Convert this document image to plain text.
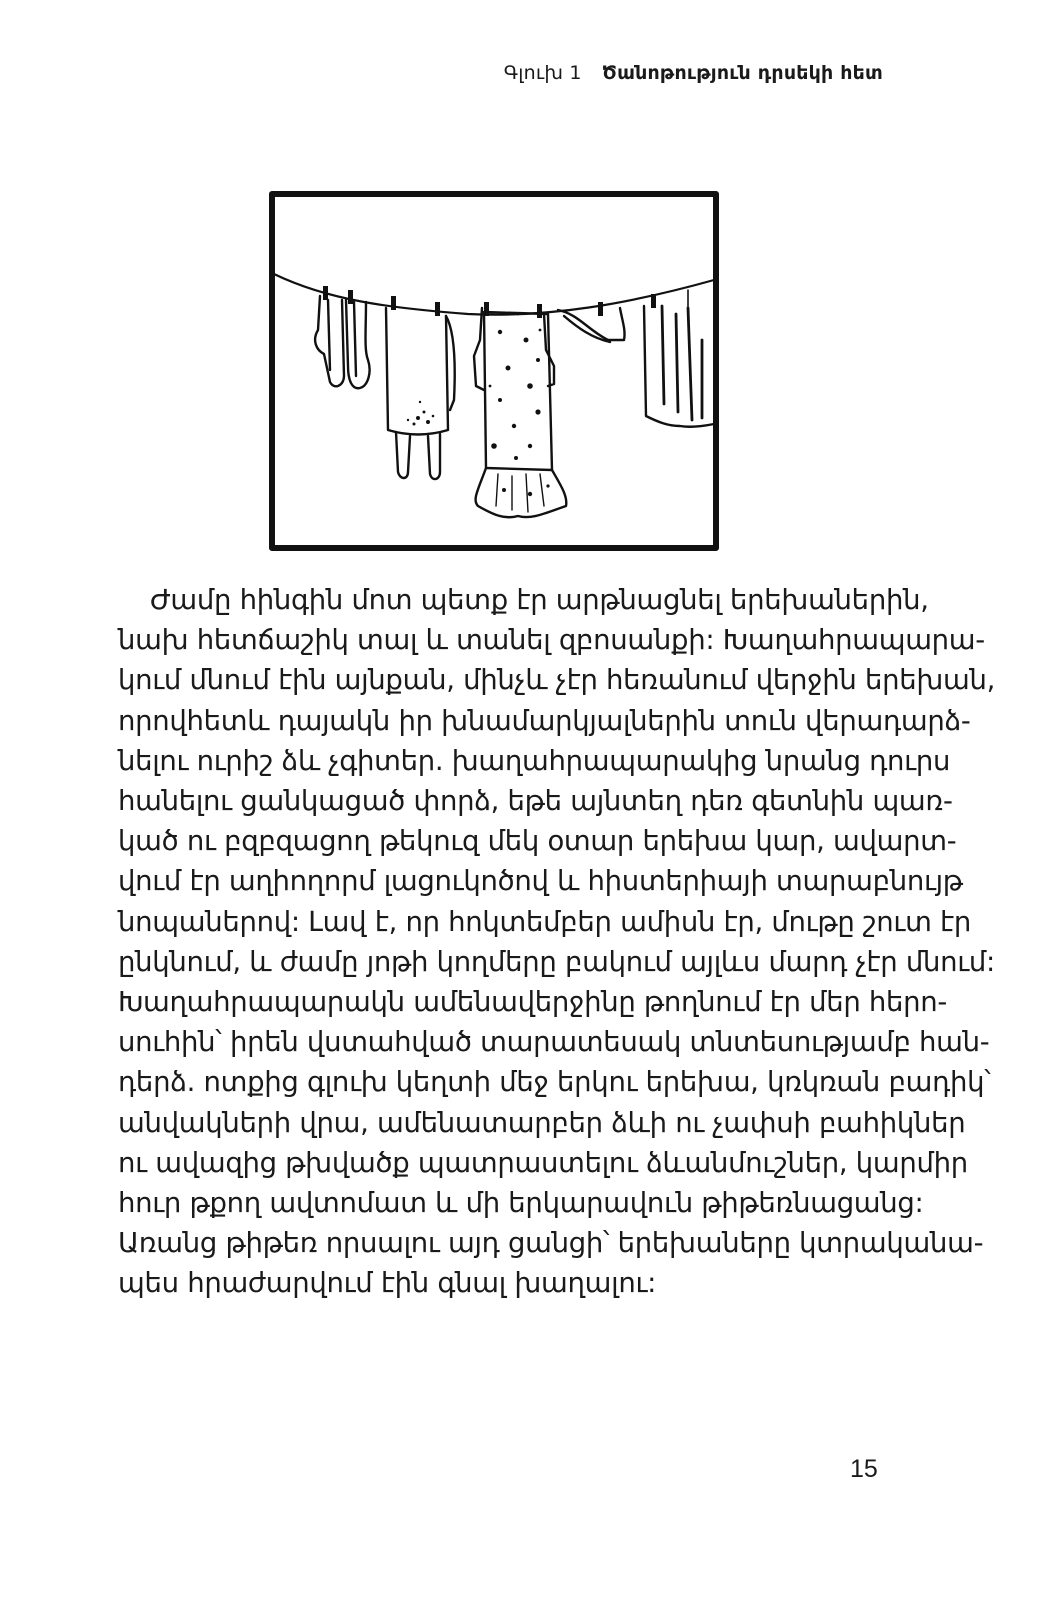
Գլուխ 1 Ծանոթություն դրսեկի հետ
Ժամը հինգին մոտ պետք էր արթնացնել երեխաներին,
նախ հետճաշիկ տալ և տանել զբոսանքի: Խաղահրապարա-
կում մնում էին այնքան, մինչև չէր հեռանում վերջին երեխան,
որովհետև դայակն իր խնամարկյալներին տուն վերադարձ-
նելու ուրիշ ձև չգիտեր. խաղահրապարակից նրանց դուրս
հանելու ցանկացած փորձ, եթե այնտեղ դեռ գետնին պառ-
կած ու բզբզացող թեկուզ մեկ օտար երեխա կար, ավարտ-
վում էր աղիողորմ լացուկոծով և հիստերիայի տարաբնույթ
նոպաներով: Լավ է, որ հոկտեմբեր ամիսն էր, մութը շուտ էր
ընկնում, և ժամը յոթի կողմերը բակում այլևս մարդ չէր մնում:
Խաղահրապարակն ամենավերջինը թողնում էր մեր հերո-
սուհին՝ իրեն վստահված տարատեսակ տնտեսությամբ հան-
դերձ. ոտքից գլուխ կեղտի մեջ երկու երեխա, կռկռան բադիկ՝
անվակների վրա, ամենատարբեր ձևի ու չափսի բահիկներ
ու ավազից թխվածք պատրաստելու ձևանմուշներ, կարմիր
հուր թքող ավտոմատ և մի երկարավուն թիթեռնացանց:
Առանց թիթեռ որսալու այդ ցանցի՝ երեխաները կտրականա-
պես հրաժարվում էին գնալ խաղալու:
15
